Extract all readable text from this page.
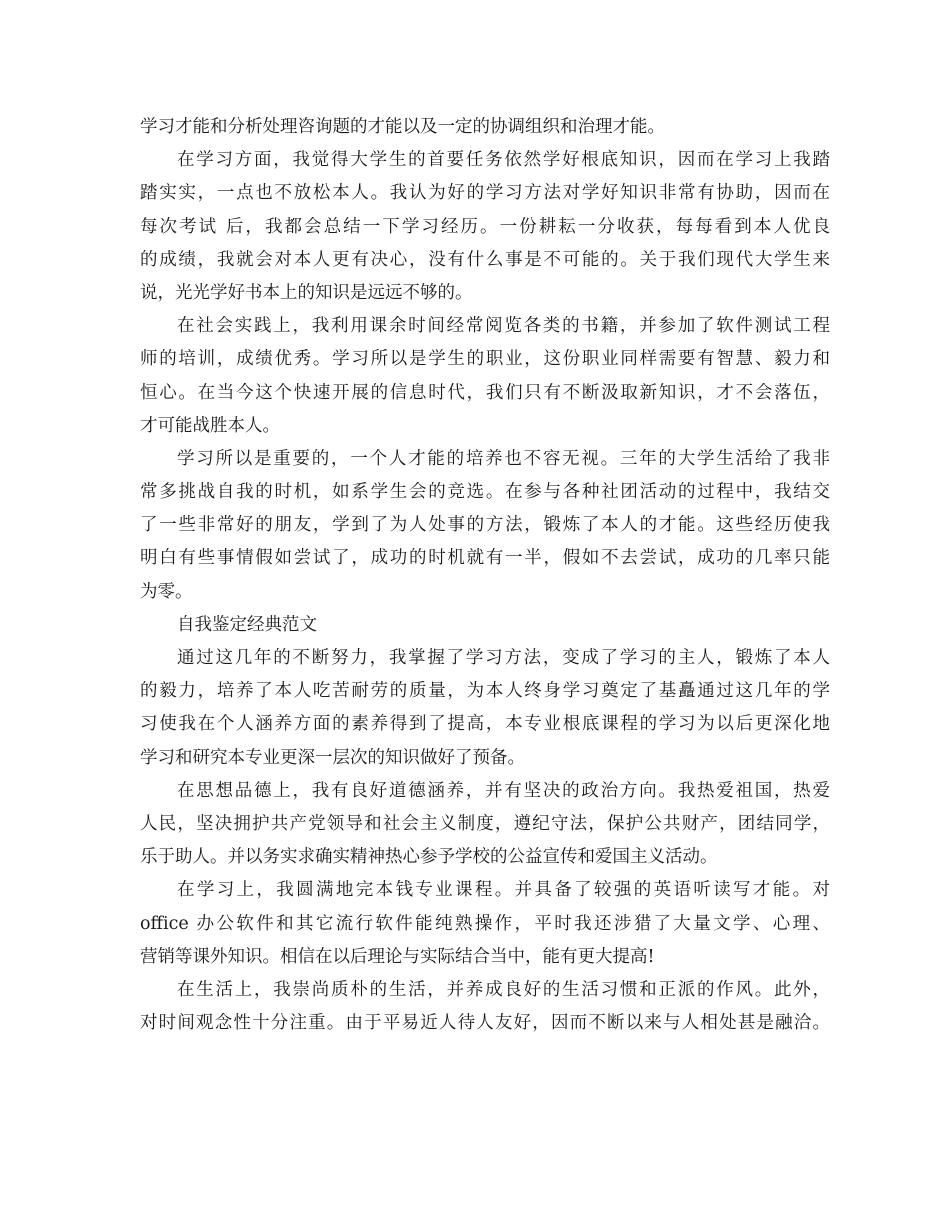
学习才能和分析处理咨询题的才能以及一定的协调组织和治理才能。
在学习方面，我觉得大学生的首要任务依然学好根底知识，因而在学习上我踏
踏实实，一点也不放松本人。我认为好的学习方法对学好知识非常有协助，因而在
每次考试 后，我都会总结一下学习经历。一份耕耘一分收获，每每看到本人优良
的成绩，我就会对本人更有决心，没有什么事是不可能的。关于我们现代大学生来
说，光光学好书本上的知识是远远不够的。
在社会实践上，我利用课余时间经常阅览各类的书籍，并参加了软件测试工程
师的培训，成绩优秀。学习所以是学生的职业，这份职业同样需要有智慧、毅力和
恒心。在当今这个快速开展的信息时代，我们只有不断汲取新知识，才不会落伍，
才可能战胜本人。
学习所以是重要的，一个人才能的培养也不容无视。三年的大学生活给了我非
常多挑战自我的时机，如系学生会的竞选。在参与各种社团活动的过程中，我结交
了一些非常好的朋友，学到了为人处事的方法，锻炼了本人的才能。这些经历使我
明白有些事情假如尝试了，成功的时机就有一半，假如不去尝试，成功的几率只能
为零。
自我鉴定经典范文
通过这几年的不断努力，我掌握了学习方法，变成了学习的主人，锻炼了本人
的毅力，培养了本人吃苦耐劳的质量，为本人终身学习奠定了基矗通过这几年的学
习使我在个人涵养方面的素养得到了提高，本专业根底课程的学习为以后更深化地
学习和研究本专业更深一层次的知识做好了预备。
在思想品德上，我有良好道德涵养，并有坚决的政治方向。我热爱祖国，热爱
人民，坚决拥护共产党领导和社会主义制度，遵纪守法，保护公共财产，团结同学，
乐于助人。并以务实求确实精神热心参予学校的公益宣传和爱国主义活动。
在学习上，我圆满地完本钱专业课程。并具备了较强的英语听读写才能。对
office 办公软件和其它流行软件能纯熟操作，平时我还涉猎了大量文学、心理、
营销等课外知识。相信在以后理论与实际结合当中，能有更大提高!
在生活上，我崇尚质朴的生活，并养成良好的生活习惯和正派的作风。此外，
对时间观念性十分注重。由于平易近人待人友好，因而不断以来与人相处甚是融洽。
